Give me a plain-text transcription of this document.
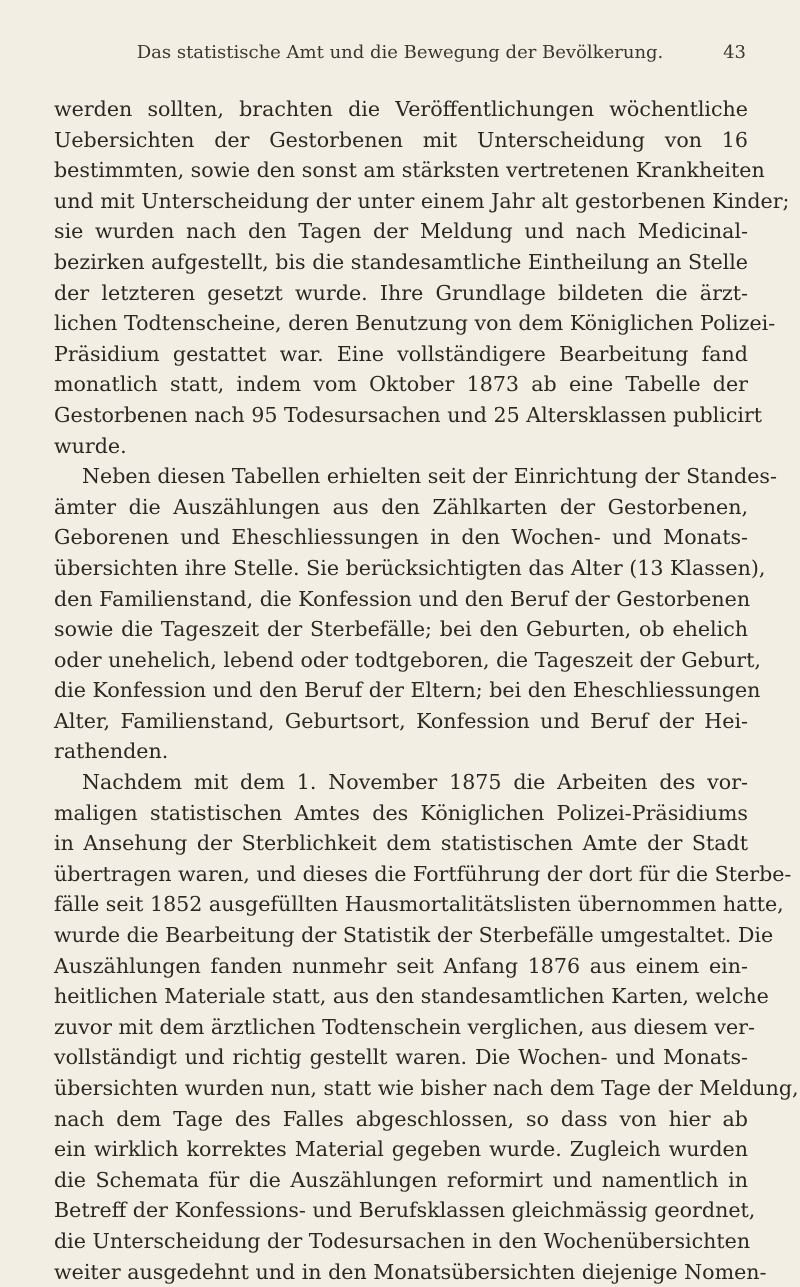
Das statistische Amt und die Bewegung der Bevölkerung.	43
werden sollten, brachten die Veröffentlichungen wöchentliche
Uebersichten der Gestorbenen mit Unterscheidung von 16
bestimmten, sowie den sonst am stärksten vertretenen Krankheiten
und mit Unterscheidung der unter einem Jahr alt gestorbenen Kinder;
sie wurden nach den Tagen der Meldung und nach Medicinal-
bezirken aufgestellt, bis die standesamtliche Eintheilung an Stelle
der letzteren gesetzt wurde. Ihre Grundlage bildeten die ärzt-
lichen Todtenscheine, deren Benutzung von dem Königlichen Polizei-
Präsidium gestattet war. Eine vollständigere Bearbeitung fand
monatlich statt, indem vom Oktober 1873 ab eine Tabelle der
Gestorbenen nach 95 Todesursachen und 25 Altersklassen publicirt
wurde.
Neben diesen Tabellen erhielten seit der Einrichtung der Standes-
ämter die Auszählungen aus den Zählkarten der Gestorbenen,
Geborenen und Eheschliessungen in den Wochen- und Monats-
übersichten ihre Stelle. Sie berücksichtigten das Alter (13 Klassen),
den Familienstand, die Konfession und den Beruf der Gestorbenen
sowie die Tageszeit der Sterbefälle; bei den Geburten, ob ehelich
oder unehelich, lebend oder todtgeboren, die Tageszeit der Geburt,
die Konfession und den Beruf der Eltern; bei den Eheschliessungen
Alter, Familienstand, Geburtsort, Konfession und Beruf der Hei-
rathenden.
Nachdem mit dem 1. November 1875 die Arbeiten des vor-
maligen statistischen Amtes des Königlichen Polizei-Präsidiums
in Ansehung der Sterblichkeit dem statistischen Amte der Stadt
übertragen waren, und dieses die Fortführung der dort für die Sterbe-
fälle seit 1852 ausgefüllten Hausmortalitätslisten übernommen hatte,
wurde die Bearbeitung der Statistik der Sterbefälle umgestaltet. Die
Auszählungen fanden nunmehr seit Anfang 1876 aus einem ein-
heitlichen Materiale statt, aus den standesamtlichen Karten, welche
zuvor mit dem ärztlichen Todtenschein verglichen, aus diesem ver-
vollständigt und richtig gestellt waren. Die Wochen- und Monats-
übersichten wurden nun, statt wie bisher nach dem Tage der Meldung,
nach dem Tage des Falles abgeschlossen, so dass von hier ab
ein wirklich korrektes Material gegeben wurde. Zugleich wurden
die Schemata für die Auszählungen reformirt und namentlich in
Betreff der Konfessions- und Berufsklassen gleichmässig geordnet,
die Unterscheidung der Todesursachen in den Wochenübersichten
weiter ausgedehnt und in den Monatsübersichten diejenige Nomen-
